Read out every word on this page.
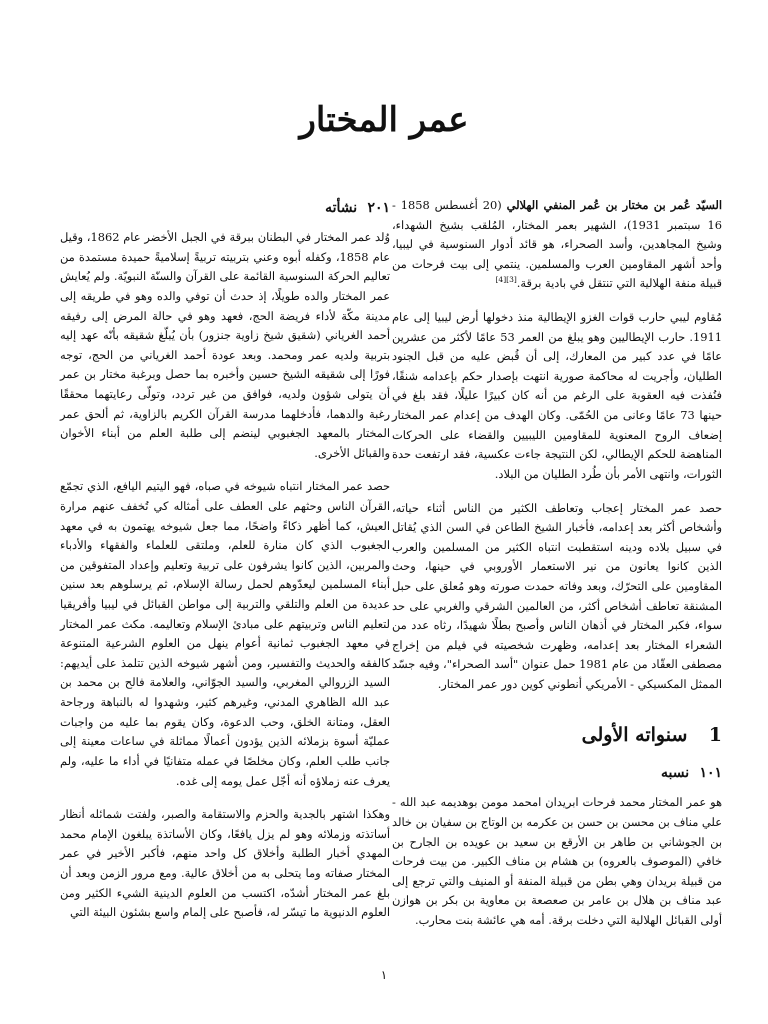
عمر المختار

السيّد عُمر بن مختار بن عُمر المنفي الهلالي (20 أغسطس 1858 - 16 سبتمبر 1931)، الشهير بعمر المختار، المُلقب بشيخ الشهداء، وشيخ المجاهدين، وأسد الصحراء، هو قائد أدوار السنوسية في ليبيا، وأحد أشهر المقاومين العرب والمسلمين. ينتمي إلى بيت فرحات من قبيلة منفة الهلالية التي تنتقل في بادية برقة.[3][4]

مُقاوم ليبي حارب قوات الغزو الإيطالية منذ دخولها أرض ليبيا إلى عام 1911. حارب الإيطاليين وهو يبلغ من العمر 53 عامًا لأكثر من عشرين عامًا في عدد كبير من المعارك، إلى أن قُبض عليه من قبل الجنود الطليان، وأجريت له محاكمة صورية انتهت بإصدار حكم بإعدامه شنقًا، فنُفذت فيه العقوبة على الرغم من أنه كان كبيرًا عليلًا، فقد بلغ في حينها 73 عامًا وعانى من الحُمّى. وكان الهدف من إعدام عمر المختار إضعاف الروح المعنوية للمقاومين الليبيين والقضاء على الحركات المناهضة للحكم الإيطالي، لكن النتيجة جاءت عكسية، فقد ارتفعت حدة الثورات، وانتهى الأمر بأن طُرد الطليان من البلاد.

حصد عمر المختار إعجاب وتعاطف الكثير من الناس أثناء حياته، وأشخاص أكثر بعد إعدامه، فأخبار الشيخ الطاعن في السن الذي يُقاتل في سبيل بلاده ودينه استقطبت انتباه الكثير من المسلمين والعرب الذين كانوا يعانون من نير الاستعمار الأوروبي في حينها، وحث المقاومين على التحرّك، وبعد وفاته حمدت صورته وهو مُعلق على حبل المشنقة تعاطف أشخاص أكثر، من العالمين الشرقي والغربي على حد سواء، فكبر المختار في أذهان الناس وأصبح بطلًا شهيدًا، رثاه عدد من الشعراء المختار بعد إعدامه، وظهرت شخصيته في فيلم من إخراج مصطفى العقّاد من عام 1981 حمل عنوان "أسد الصحراء"، وفيه جسّد الممثل المكسيكي - الأمريكي أنطوني كوين دور عمر المختار.

1 سنواته الأولى
١٠١ نسبه

هو عمر المختار محمد فرحات ابريدان امحمد مومن بوهديمه عبد الله - علي مناف بن محسن بن حسن بن عكرمه بن الوتاج بن سفيان بن خالد بن الجوشاني بن طاهر بن الأرقع بن سعيد بن عويده بن الجارح بن خافي (الموصوف بالعروه) بن هشام بن مناف الكبير. من بيت فرحات من قبيلة بريدان وهي بطن من قبيلة المنفة أو المنيف والتي ترجع إلى عبد مناف بن هلال بن عامر بن صعصعة بن معاوية بن بكر بن هوازن أولى القبائل الهلالية التي دخلت برقة. أمه هي عائشة بنت محارب.

٢٠١ نشأته

وُلد عمر المختار في البطنان ببرقة في الجبل الأخضر عام 1862، وقيل عام 1858، وكفله أبوه وعني بتربيته تربيةً إسلاميةً حميدة مستمدة من تعاليم الحركة السنوسية القائمة على القرآن والسنّة النبويّة. ولم يُعايش عمر المختار والده طويلًا، إذ حدث أن توفي والده وهو في طريقه إلى مدينة مكّة لأداء فريضة الحج، فعهد وهو في حالة المرض إلى رفيقه أحمد الغرياني (شقيق شيخ زاوية جنزور) بأن يُبلّغ شقيقه بأنّه عهد إليه بتربية ولديه عمر ومحمد. وبعد عودة أحمد الغرياني من الحج، توجه فورًا إلى شقيقه الشيخ حسين وأخبره بما حصل وبرغبة مختار بن عمر أن يتولى شؤون ولديه، فوافق من غير تردد، وتولّى رعايتهما محققًا رغبة والدهما، فأدخلهما مدرسة القرآن الكريم بالزاوية، ثم ألحق عمر المختار بالمعهد الجغبوبي لينضم إلى طلبة العلم من أبناء الأخوان والقبائل الأخرى.

حصد عمر المختار انتباه شيوخه في صباه، فهو اليتيم اليافع، الذي تجمّع القرآن الناس وحثهم على العطف على أمثاله كي تُخفف عنهم مرارة العيش، كما أظهر ذكاءً واضحًا، مما جعل شيوخه يهتمون به في معهد الجغبوب الذي كان منارة للعلم، وملتقى للعلماء والفقهاء والأدباء والمربين، الذين كانوا يشرفون على تربية وتعليم وإعداد المتفوقين من أبناء المسلمين ليعدّوهم لحمل رسالة الإسلام، ثم يرسلوهم بعد سنين عديدة من العلم والتلقي والتربية إلى مواطن القبائل في ليبيا وأفريقيا لتعليم الناس وتربيتهم على مبادئ الإسلام وتعاليمه. مكث عمر المختار في معهد الجغبوب ثمانية أعوام ينهل من العلوم الشرعية المتنوعة كالفقه والحديث والتفسير، ومن أشهر شيوخه الذين تتلمذ على أيديهم: السيد الزروالي المغربي، والسيد الجوّاني، والعلامة فالح بن محمد بن عبد الله الظاهري المدني، وغيرهم كثير، وشهدوا له بالنباهة ورجاحة العقل، ومتانة الخلق، وحب الدعوة، وكان يقوم بما عليه من واجبات عمليّة أسوة بزملائه الذين يؤدون أعمالًا مماثلة في ساعات معينة إلى جانب طلب العلم، وكان مخلصًا في عمله متفانيًا في أداء ما عليه، ولم يعرف عنه زملاؤه أنه أجّل عمل يومه إلى غده.

وهكذا اشتهر بالجدية والحزم والاستقامة والصبر، ولفتت شمائله أنظار أساتذته وزملائه وهو لم يزل يافعًا، وكان الأساتذة يبلغون الإمام محمد المهدي أخبار الطلبة وأخلاق كل واحد منهم، فأكبر الأخير في عمر المختار صفاته وما يتحلى به من أخلاق عالية. ومع مرور الزمن وبعد أن بلغ عمر المختار أشدّه، اكتسب من العلوم الدينية الشيء الكثير ومن العلوم الدنيوية ما تيسّر له، فأصبح على إلمام واسع بشئون البيئة التي

١
